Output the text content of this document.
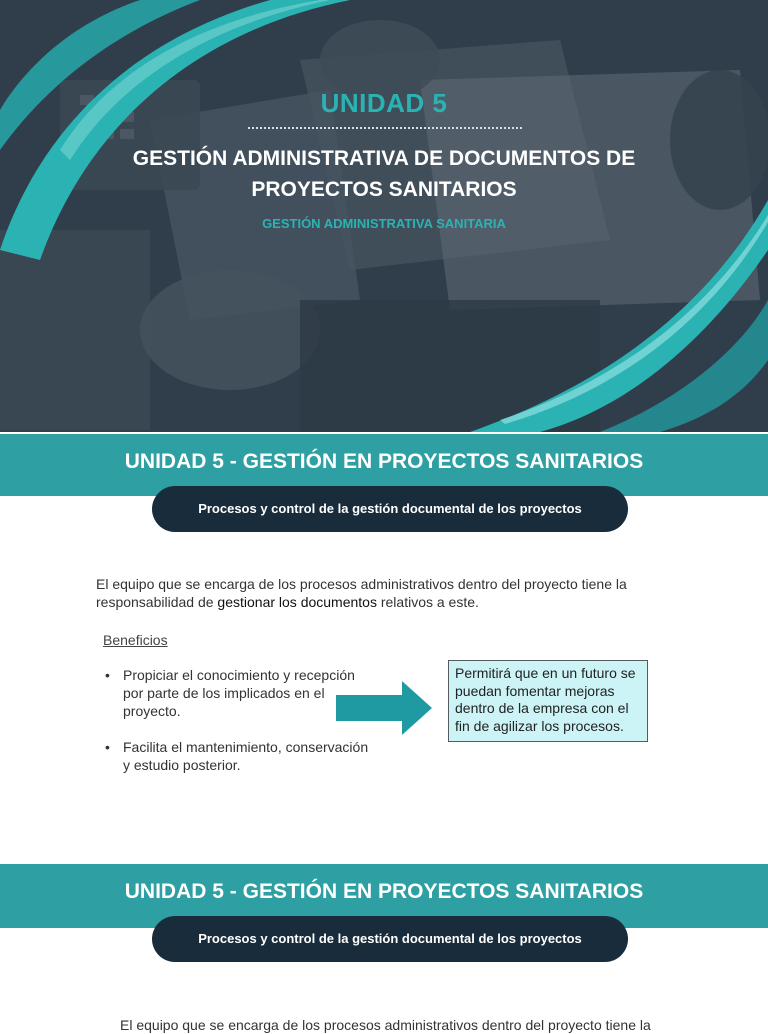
UNIDAD 5
GESTIÓN ADMINISTRATIVA DE DOCUMENTOS DE PROYECTOS SANITARIOS
GESTIÓN ADMINISTRATIVA SANITARIA
UNIDAD 5 - GESTIÓN EN PROYECTOS SANITARIOS
Procesos y control de la gestión documental de los proyectos
El equipo que se encarga de los procesos administrativos dentro del proyecto tiene la responsabilidad de gestionar los documentos relativos a este.
Beneficios
• Propiciar el conocimiento y recepción por parte de los implicados en el proyecto.
• Facilita el mantenimiento, conservación y estudio posterior.
Permitirá que en un futuro se puedan fomentar mejoras dentro de la empresa con el fin de agilizar los procesos.
UNIDAD 5 - GESTIÓN EN PROYECTOS SANITARIOS
Procesos y control de la gestión documental de los proyectos
El equipo que se encarga de los procesos administrativos dentro del proyecto tiene la
